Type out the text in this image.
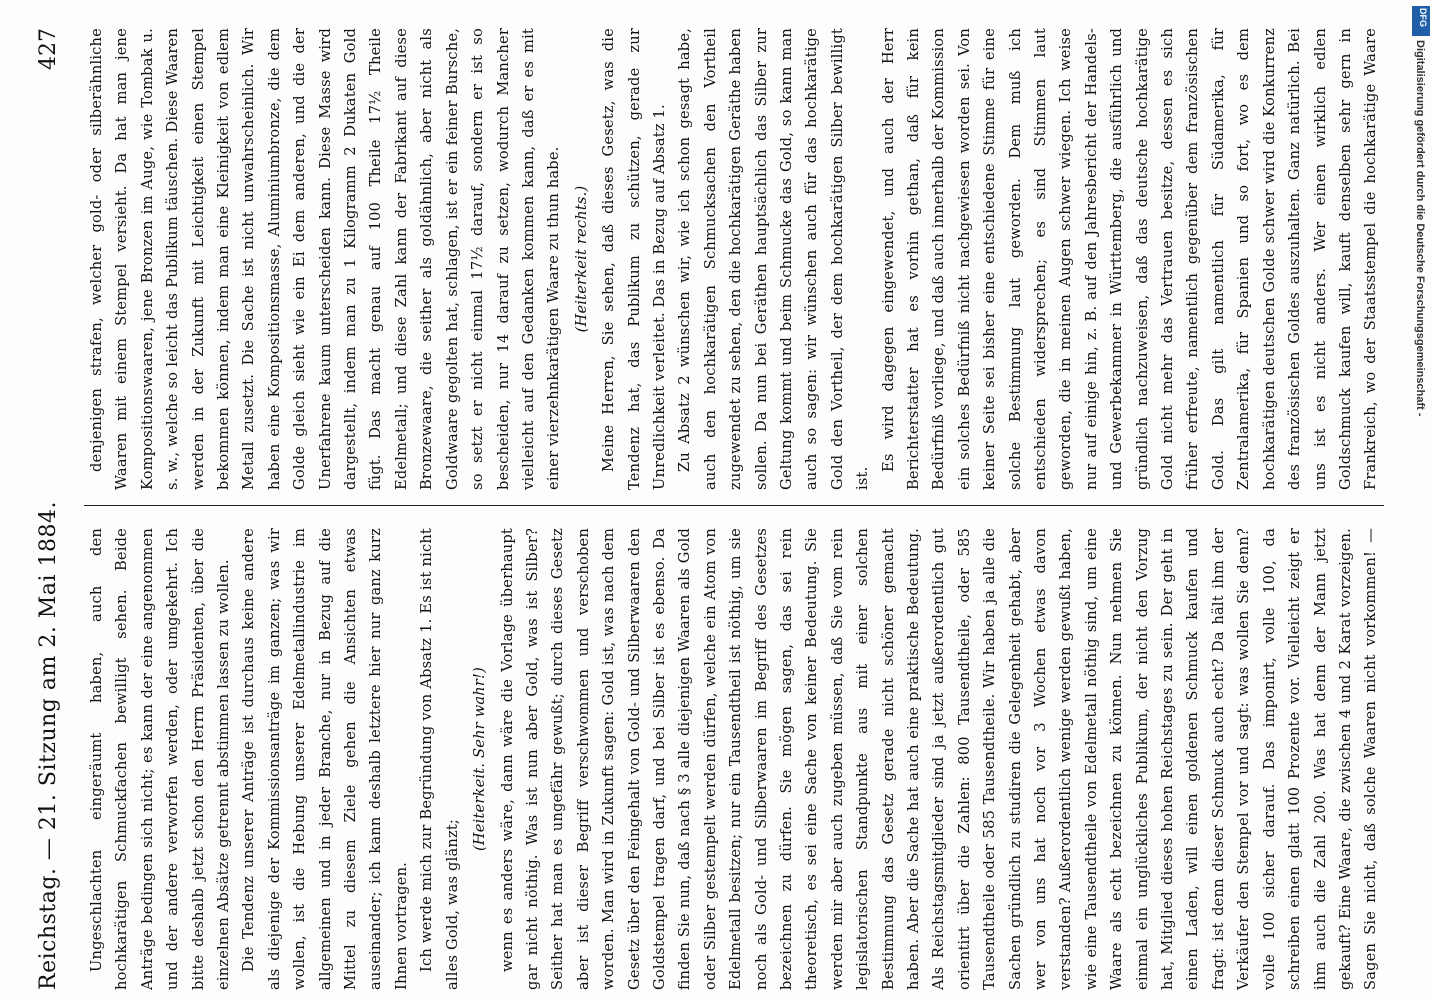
Reichstag. — 21. Sitzung am 2. Mai 1884.
427

Ungeschlachten eingeräumt haben, auch den hochkarätigen Schmuckfachen bewilligt sehen. Beide Anträge bedingen sich nicht; es kann der eine angenommen und der andere verworfen werden, oder umgekehrt. Ich bitte deshalb jetzt schon den Herrn Präsidenten, über die einzelnen Absätze getrennt abstimmen lassen zu wollen. Die Tendenz unserer Anträge ist durchaus keine andere als diejenige der Kommissionsanträge im ganzen; was wir wollen, ist die Hebung unserer Edelmetallindustrie im allgemeinen und in jeder Branche, nur in Bezug auf die Mittel zu diesem Ziele gehen die Ansichten etwas auseinander; ich kann deshalb letztere hier nur ganz kurz Ihnen vortragen. Ich werde mich zur Begründung von Absatz 1. Es ist nicht alles Gold, was glänzt;

(Heiterkeit. Sehr wahr!)

wenn es anders wäre, dann wäre die Vorlage überhaupt gar nicht nöthig. Was ist nun aber Gold, was ist Silber? Seither hat man es ungefähr gewußt; durch dieses Gesetz aber ist dieser Begriff verschwommen und verschoben worden. Man wird in Zukunft sagen: Gold ist, was nach dem Gesetz über den Feingehalt von Gold- und Silberwaaren den Goldstempel tragen darf, und bei Silber ist es ebenso. Da finden Sie nun, daß nach § 3 alle diejenigen Waaren als Gold oder Silber gestempelt werden dürfen, welche ein Atom von Edelmetall besitzen; nur ein Tausendtheil ist nöthig, um sie noch als Gold- und Silberwaaren im Begriff des Gesetzes bezeichnen zu dürfen. Sie mögen sagen, das sei rein theoretisch, es sei eine Sache von keiner Bedeutung. Sie werden mir aber auch zugeben müssen, daß Sie vom rein legislatorischen Standpunkte aus mit einer solchen Bestimmung das Gesetz gerade nicht schöner gemacht haben. Aber die Sache hat auch eine praktische Bedeutung. Als Reichstagsmitglieder sind ja jetzt außerordentlich gut orientirt über die Zahlen: 800 Tausendtheile, oder 585 Tausendtheile oder 585 Tausendtheile. Wir haben ja alle die Sachen gründlich zu studiren die Gelegenheit gehabt, aber wer von uns hat noch vor 3 Wochen etwas davon verstanden? Außerordentlich wenige werden gewußt haben, wie eine Tausendtheile von Edelmetall nöthig sind, um eine Waare als echt bezeichnen zu können. Nun nehmen Sie einmal ein unglückliches Publikum, der nicht den Vorzug hat, Mitglied dieses hohen Reichstages zu sein. Der geht in einen Laden, will einen goldenen Schmuck kaufen und fragt: ist denn dieser Schmuck auch echt? Da hält ihm der Verkäufer den Stempel vor und sagt: was wollen Sie denn? volle 100 sicher darauf. Das imponirt, volle 100, da schreiben einen glatt 100 Prozente vor. Vielleicht zeigt er ihm auch die Zahl 200. Was hat denn der Mann jetzt gekauft? Eine Waare, die zwischen 4 und 2 Karat vorzeigen. Sagen Sie nicht, daß solche Waaren nicht vorkommen! —

denjenigen strafen, welcher gold- oder silberähnliche Waaren mit einem Stempel versieht. Da hat man jene Kompositionswaaren, jene Bronzen im Auge, wie Tombak u. s. w., welche so leicht das Publikum täuschen. Diese Waaren werden in der Zukunft mit Leichtigkeit einen Stempel bekommen können, indem man eine Kleinigkeit von edlem Metall zusetzt. Die Sache ist nicht unwahrscheinlich. Wir haben eine Kompositionsmasse, Aluminiumbronze, die dem Golde gleich sieht wie ein Ei dem anderen, und die der Unerfahrene kaum unterscheiden kann. Diese Masse wird dargestellt, indem man zu 1 Kilogramm 2 Dukaten Gold fügt. Das macht genau auf 100 Theile 17½ Theile Edelmetall; und diese Zahl kann der Fabrikant auf diese Bronzewaare, die seither als goldähnlich, aber nicht als Goldwaare gegolten hat, schlagen, ist er ein feiner Bursche, so setzt er nicht einmal 17½ darauf, sondern er ist so bescheiden, nur 14 darauf zu setzen, wodurch Mancher vielleicht auf den Gedanken kommen kann, daß er es mit einer vierzehnkarätigen Waare zu thun habe. (Heiterkeit rechts.) Meine Herren, Sie sehen, daß dieses Gesetz, was die Tendenz hat, das Publikum zu schützen, gerade zur Unredlichkeit verleitet. Das in Bezug auf Absatz 1. Zu Absatz 2 wünschen wir, wie ich schon gesagt habe, auch den hochkarätigen Schmucksachen den Vortheil zugewendet zu sehen, den die hochkarätigen Geräthe haben sollen. Da nun bei Geräthen hauptsächlich das Silber zur Geltung kommt und beim Schmucke das Gold, so kann man auch so sagen: wir wünschen auch für das hochkarätige Gold den Vortheil, der dem hochkarätigen Silber bewilligt ist.

Es wird dagegen eingewendet, und auch der Herr Berichterstatter hat es vorhin gethan, daß für kein Bedürfniß vorliege, und daß auch innerhalb der Kommission ein solches Bedürfniß nicht nachgewiesen worden sei. Von keiner Seite sei bisher eine entschiedene Stimme für eine solche Bestimmung laut geworden. Dem muß ich entschieden widersprechen; es sind Stimmen laut geworden, die in meinen Augen schwer wiegen. Ich weise nur auf einige hin, z. B. auf den Jahresbericht der Handels- und Gewerbekammer in Württemberg, die ausführlich und gründlich nachzuweisen, daß das deutsche hochkarätige Gold nicht mehr das Vertrauen besitze, dessen es sich früher erfreute, namentlich gegenüber dem französischen Gold. Das gilt namentlich für Südamerika, für Zentralamerika, für Spanien und so fort, wo es dem hochkarätigen deutschen Golde schwer wird die Konkurrenz des französischen Goldes auszuhalten. Ganz natürlich. Bei uns ist es nicht anders. Wer einen wirklich edlen Goldschmuck kaufen will, kauft denselben sehr gern in Frankreich, wo der Staatsstempel die hochkarätige Waare	Digitalisierung gefördert durch die Deutsche Forschungsgemeinschaft -
DFG
